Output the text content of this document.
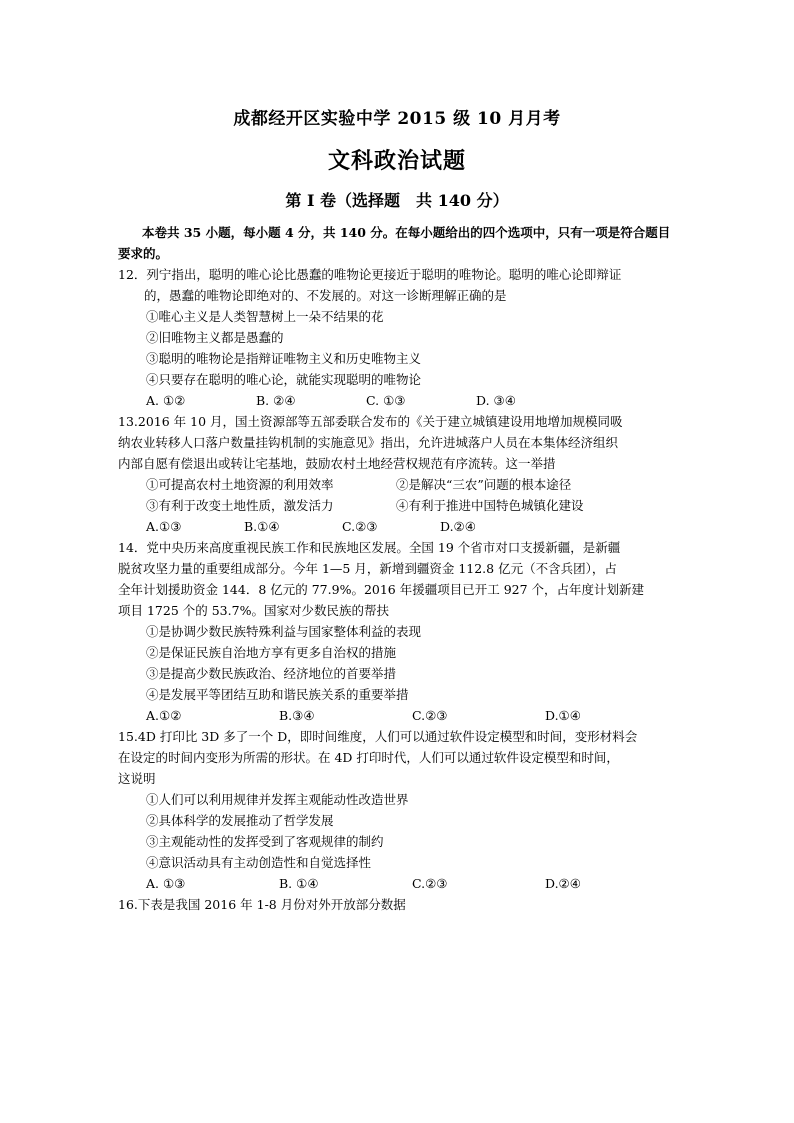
成都经开区实验中学 2015 级 10 月月考
文科政治试题
第 I 卷（选择题　共 140 分）

本卷共 35 小题，每小题 4 分，共 140 分。在每小题给出的四个选项中，只有一项是符合题目要求的。

12．列宁指出，聪明的唯心论比愚蠢的唯物论更接近于聪明的唯物论。聪明的唯心论即辩证

的，愚蠢的唯物论即绝对的、不发展的。对这一诊断理解正确的是

①唯心主义是人类智慧树上一朵不结果的花

②旧唯物主义都是愚蠢的

③聪明的唯物论是指辩证唯物主义和历史唯物主义

④只要存在聪明的唯心论，就能实现聪明的唯物论

A. ①②	B. ②④	C. ①③	D. ③④

13.2016 年 10 月，国土资源部等五部委联合发布的《关于建立城镇建设用地增加规模同吸

纳农业转移人口落户数量挂钩机制的实施意见》指出，允许进城落户人员在本集体经济组织

内部自愿有偿退出或转让宅基地，鼓励农村土地经营权规范有序流转。这一举措

①可提高农村土地资源的利用效率	②是解决“三农”问题的根本途径

③有利于改变土地性质，激发活力	④有利于推进中国特色城镇化建设

A.①③	B.①④	C.②③	D.②④

14．党中央历来高度重视民族工作和民族地区发展。全国 19 个省市对口支援新疆，是新疆

脱贫攻坚力量的重要组成部分。今年 1—5 月，新增到疆资金 112.8 亿元（不含兵团），占

全年计划援助资金 144．8 亿元的 77.9%。2016 年援疆项目已开工 927 个，占年度计划新建

项目 1725 个的 53.7%。国家对少数民族的帮扶

①是协调少数民族特殊利益与国家整体利益的表现

②是保证民族自治地方享有更多自治权的措施

③是提高少数民族政治、经济地位的首要举措

④是发展平等团结互助和谐民族关系的重要举措

A.①②	B.③④	C.②③	D.①④

15.4D 打印比 3D 多了一个 D，即时间维度，人们可以通过软件设定模型和时间，变形材料会

在设定的时间内变形为所需的形状。在 4D 打印时代，人们可以通过软件设定模型和时间，

这说明

①人们可以利用规律并发挥主观能动性改造世界

②具体科学的发展推动了哲学发展

③主观能动性的发挥受到了客观规律的制约

④意识活动具有主动创造性和自觉选择性

A. ①③	B. ①④	C.②③	D.②④

16.下表是我国 2016 年 1-8 月份对外开放部分数据
